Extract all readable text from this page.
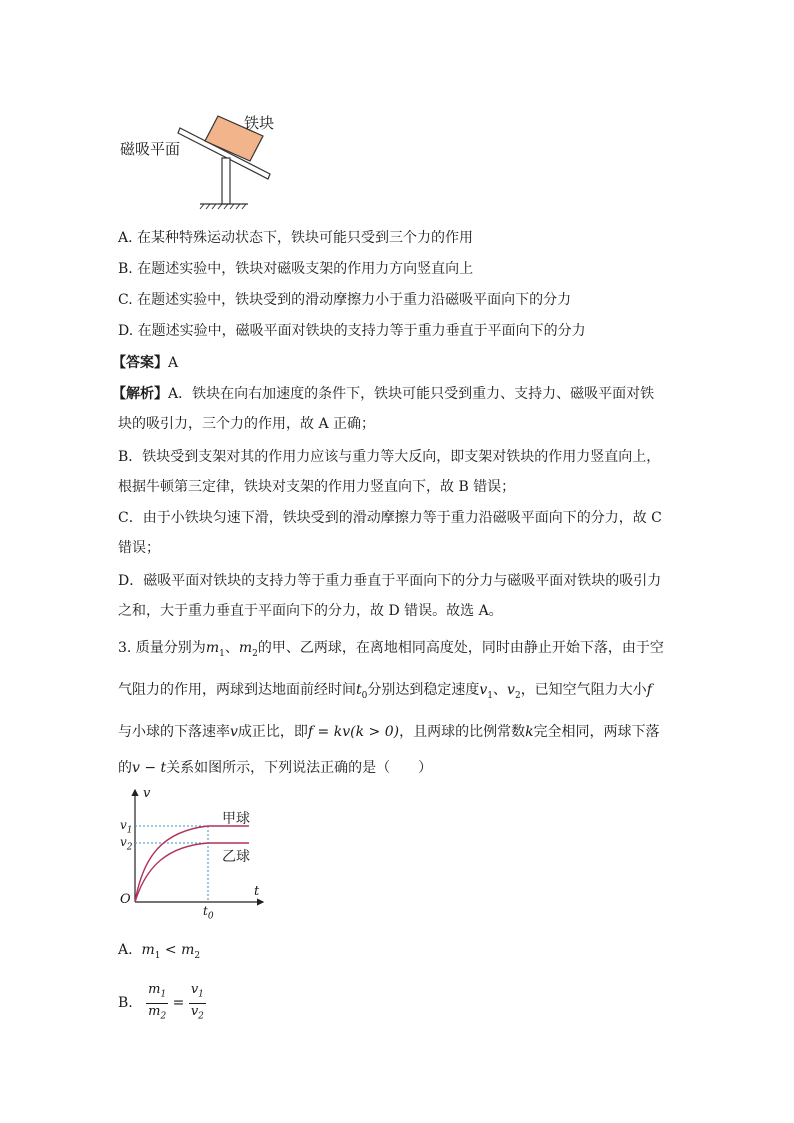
铁块
磁吸平面
A. 在某种特殊运动状态下，铁块可能只受到三个力的作用
B. 在题述实验中，铁块对磁吸支架的作用力方向竖直向上
C. 在题述实验中，铁块受到的滑动摩擦力小于重力沿磁吸平面向下的分力
D. 在题述实验中，磁吸平面对铁块的支持力等于重力垂直于平面向下的分力
【答案】A
【解析】A．铁块在向右加速度的条件下，铁块可能只受到重力、支持力、磁吸平面对铁
块的吸引力，三个力的作用，故 A 正确；
B．铁块受到支架对其的作用力应该与重力等大反向，即支架对铁块的作用力竖直向上，
根据牛顿第三定律，铁块对支架的作用力竖直向下，故 B 错误；
C．由于小铁块匀速下滑，铁块受到的滑动摩擦力等于重力沿磁吸平面向下的分力，故 C
错误；
D．磁吸平面对铁块的支持力等于重力垂直于平面向下的分力与磁吸平面对铁块的吸引力
之和，大于重力垂直于平面向下的分力，故 D 错误。故选 A。
3. 质量分别为$m_1$、$m_2$的甲、乙两球，在离地相同高度处，同时由静止开始下落，由于空
气阻力的作用，两球到达地面前经时间$t_0$分别达到稳定速度$v_1$、$v_2$，已知空气阻力大小f
与小球的下落速率v成正比，即f = kv(k > 0)，且两球的比例常数k完全相同，两球下落
的v − t关系如图所示，下列说法正确的是（　　）
v
t
O
$v_1$
$v_2$
$t_0$
甲球
乙球
A. $m_1 < m_2$
B. $\frac{m_1}{m_2} = \frac{v_1}{v_2}$
